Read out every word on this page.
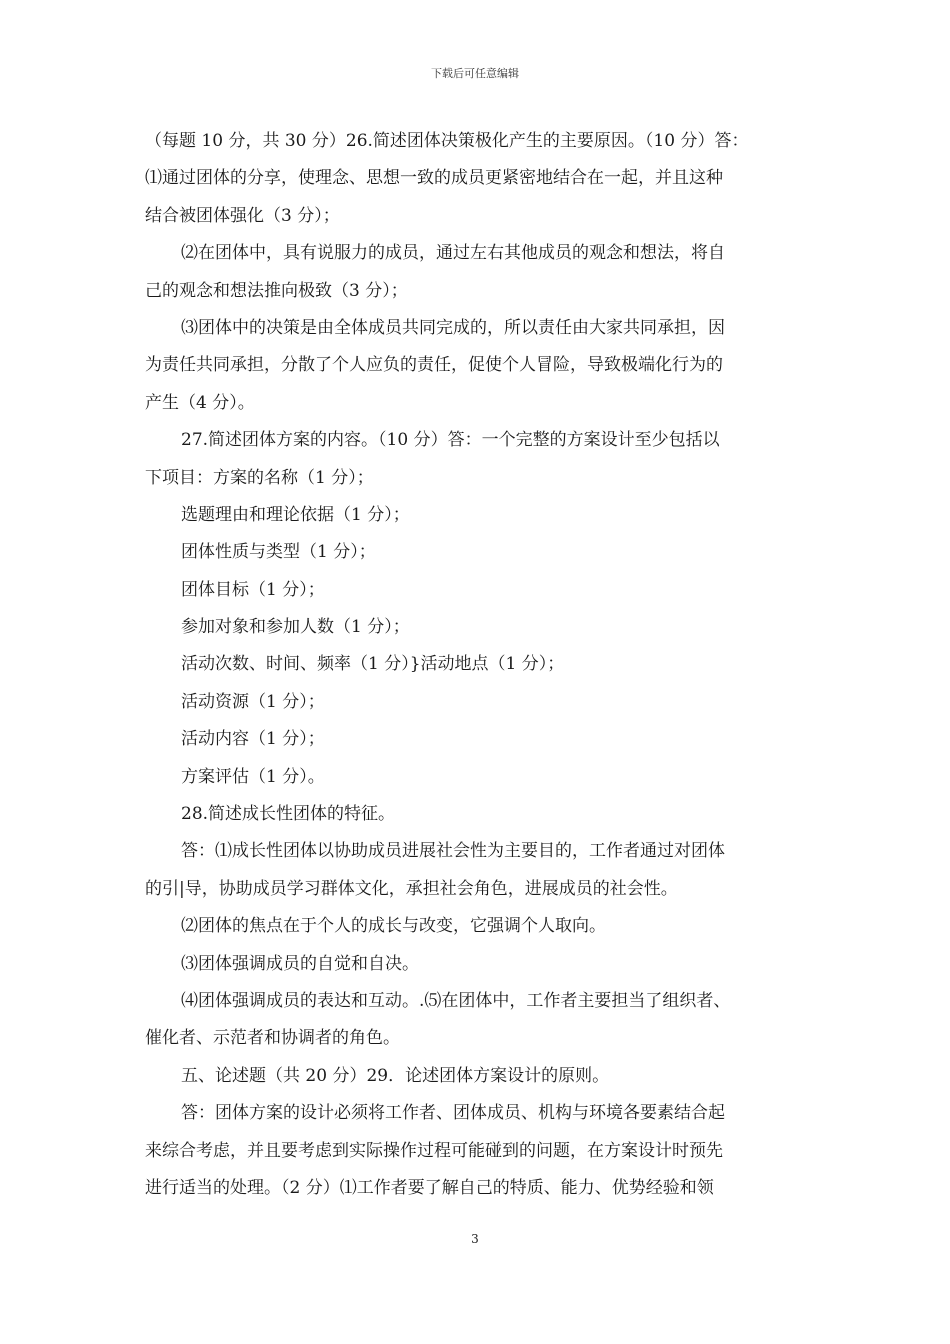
下载后可任意编辑
（每题 10 分，共 30 分）26.简述团体决策极化产生的主要原因。（10 分）答：
⑴通过团体的分享，使理念、思想一致的成员更紧密地结合在一起，并且这种
结合被团体强化（3 分）；
⑵在团体中，具有说服力的成员，通过左右其他成员的观念和想法，将自
己的观念和想法推向极致（3 分）；
⑶团体中的决策是由全体成员共同完成的，所以责任由大家共同承担，因
为责任共同承担，分散了个人应负的责任，促使个人冒险，导致极端化行为的
产生（4 分）。
27.简述团体方案的内容。（10 分）答：一个完整的方案设计至少包括以
下项目：方案的名称（1 分）；
选题理由和理论依据（1 分）；
团体性质与类型（1 分）；
团体目标（1 分）；
参加对象和参加人数（1 分）；
活动次数、时间、频率（1 分）}活动地点（1 分）；
活动资源（1 分）；
活动内容（1 分）；
方案评估（1 分）。
28.简述成长性团体的特征。
答：⑴成长性团体以协助成员进展社会性为主要目的，工作者通过对团体
的引|导，协助成员学习群体文化，承担社会角色，进展成员的社会性。
⑵团体的焦点在于个人的成长与改变，它强调个人取向。
⑶团体强调成员的自觉和自决。
⑷团体强调成员的表达和互动。.⑸在团体中，工作者主要担当了组织者、
催化者、示范者和协调者的角色。
五、论述题（共 20 分）29．论述团体方案设计的原则。
答：团体方案的设计必须将工作者、团体成员、机构与环境各要素结合起
来综合考虑，并且要考虑到实际操作过程可能碰到的问题，在方案设计时预先
进行适当的处理。（2 分）⑴工作者要了解自己的特质、能力、优势经验和领
3
